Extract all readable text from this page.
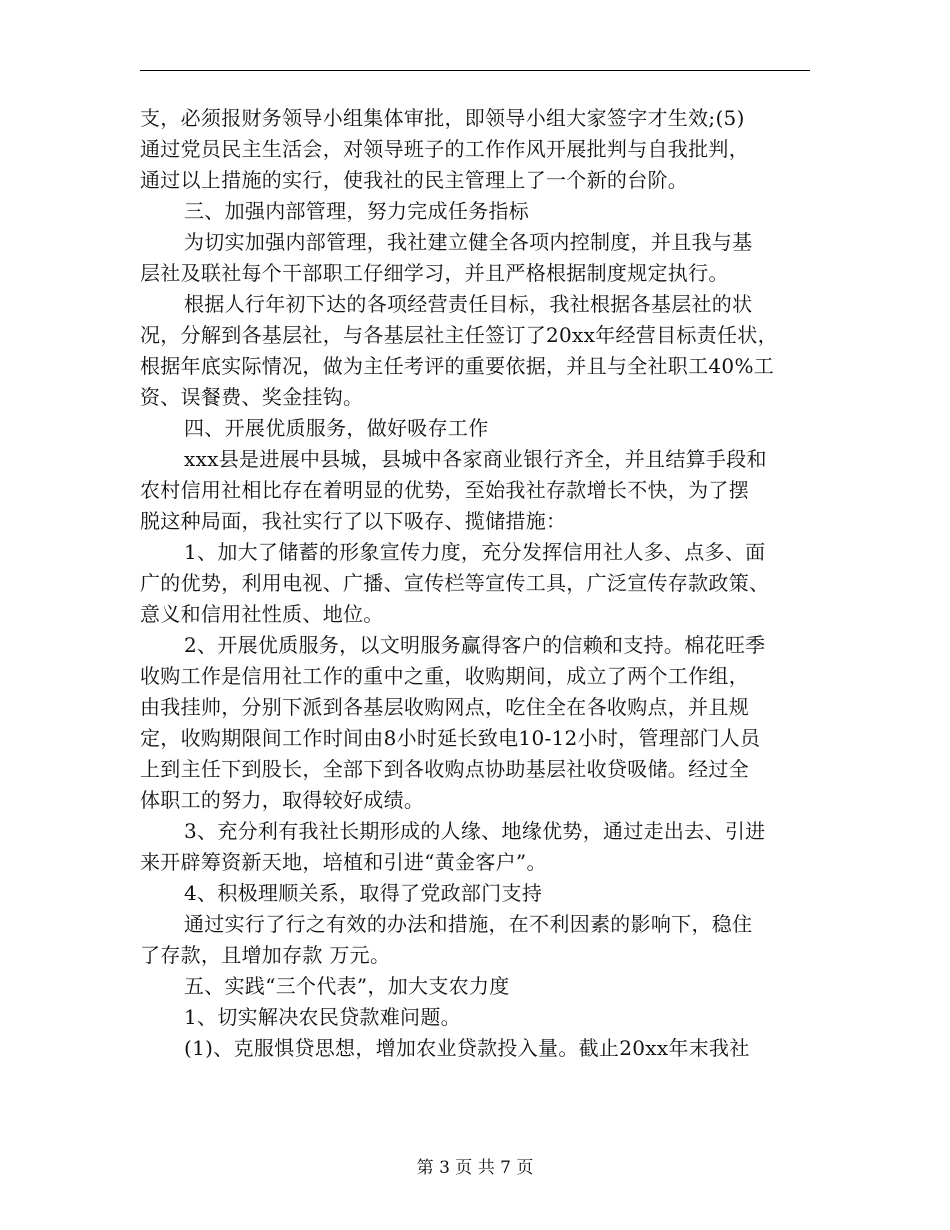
支，必须报财务领导小组集体审批，即领导小组大家签字才生效;(5)
通过党员民主生活会，对领导班子的工作作风开展批判与自我批判，
通过以上措施的实行，使我社的民主管理上了一个新的台阶。
三、加强内部管理，努力完成任务指标
为切实加强内部管理，我社建立健全各项内控制度，并且我与基
层社及联社每个干部职工仔细学习，并且严格根据制度规定执行。
根据人行年初下达的各项经营责任目标，我社根据各基层社的状
况，分解到各基层社，与各基层社主任签订了20xx年经营目标责任状，
根据年底实际情况，做为主任考评的重要依据，并且与全社职工40%工
资、误餐费、奖金挂钩。
四、开展优质服务，做好吸存工作
xxx县是进展中县城，县城中各家商业银行齐全，并且结算手段和
农村信用社相比存在着明显的优势，至始我社存款增长不快，为了摆
脱这种局面，我社实行了以下吸存、揽储措施：
1、加大了储蓄的形象宣传力度，充分发挥信用社人多、点多、面
广的优势，利用电视、广播、宣传栏等宣传工具，广泛宣传存款政策、
意义和信用社性质、地位。
2、开展优质服务，以文明服务赢得客户的信赖和支持。棉花旺季
收购工作是信用社工作的重中之重，收购期间，成立了两个工作组，
由我挂帅，分别下派到各基层收购网点，吃住全在各收购点，并且规
定，收购期限间工作时间由8小时延长致电10-12小时，管理部门人员
上到主任下到股长，全部下到各收购点协助基层社收贷吸储。经过全
体职工的努力，取得较好成绩。
3、充分利有我社长期形成的人缘、地缘优势，通过走出去、引进
来开辟筹资新天地，培植和引进“黄金客户”。
4、积极理顺关系，取得了党政部门支持
通过实行了行之有效的办法和措施，在不利因素的影响下，稳住
了存款，且增加存款 万元。
五、实践“三个代表”，加大支农力度
1、切实解决农民贷款难问题。
(1)、克服惧贷思想，增加农业贷款投入量。截止20xx年末我社
第 3 页 共 7 页
